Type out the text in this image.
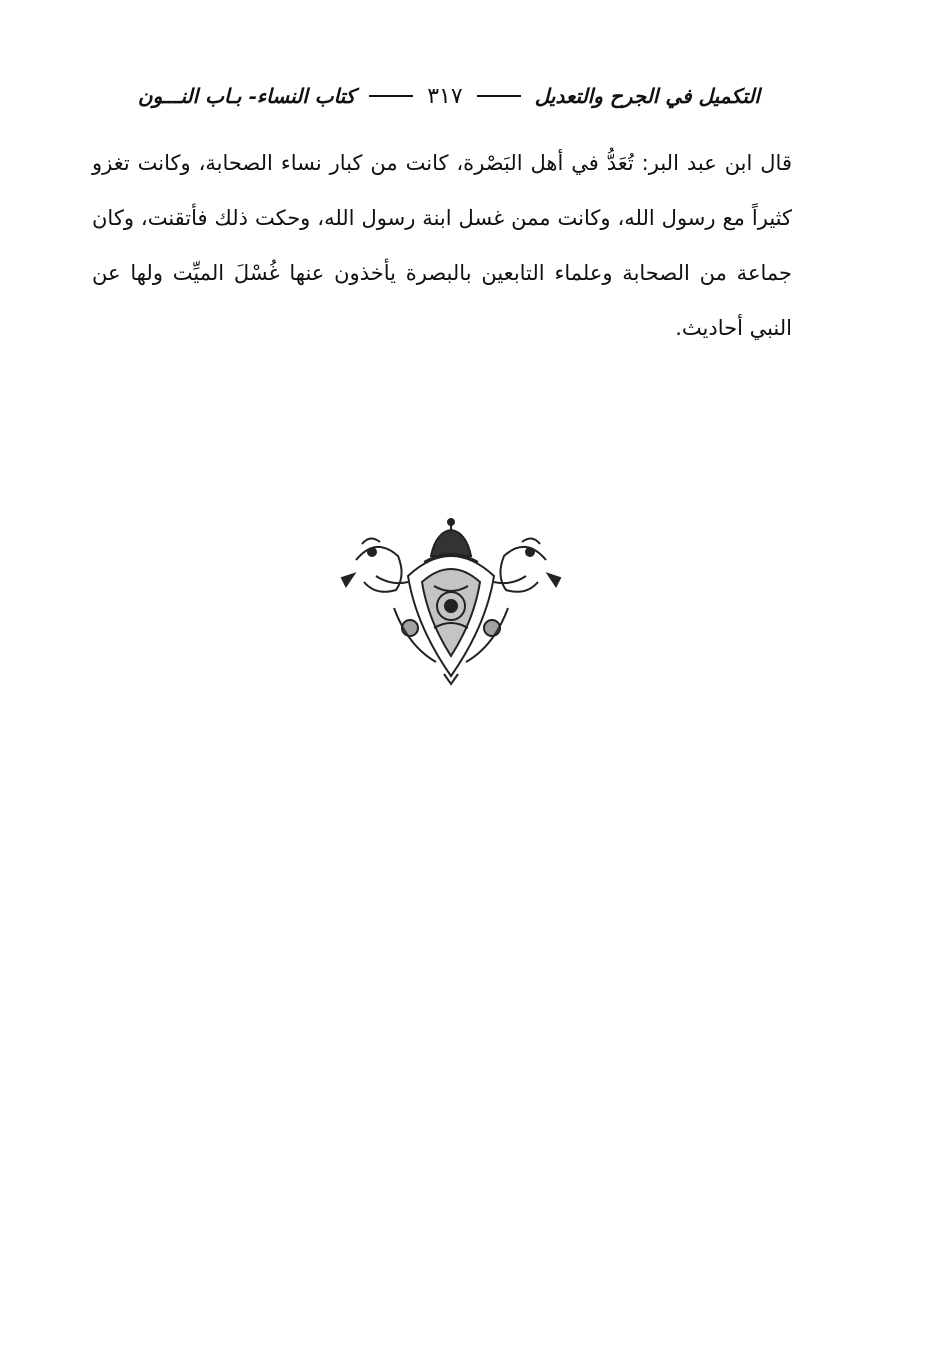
التكميل في الجرح والتعديل
٣١٧
كتاب النساء- بـاب النـــون
قال ابن عبد البر: تُعَدُّ في أهل البَصْرة، كانت من كبار نساء الصحابة، وكانت تغزو كثيراً مع رسول الله، وكانت ممن غسل ابنة رسول الله، وحكت ذلك فأتقنت، وكان جماعة من الصحابة وعلماء التابعين بالبصرة يأخذون عنها غُسْلَ الميِّت ولها عن النبي أحاديث.
